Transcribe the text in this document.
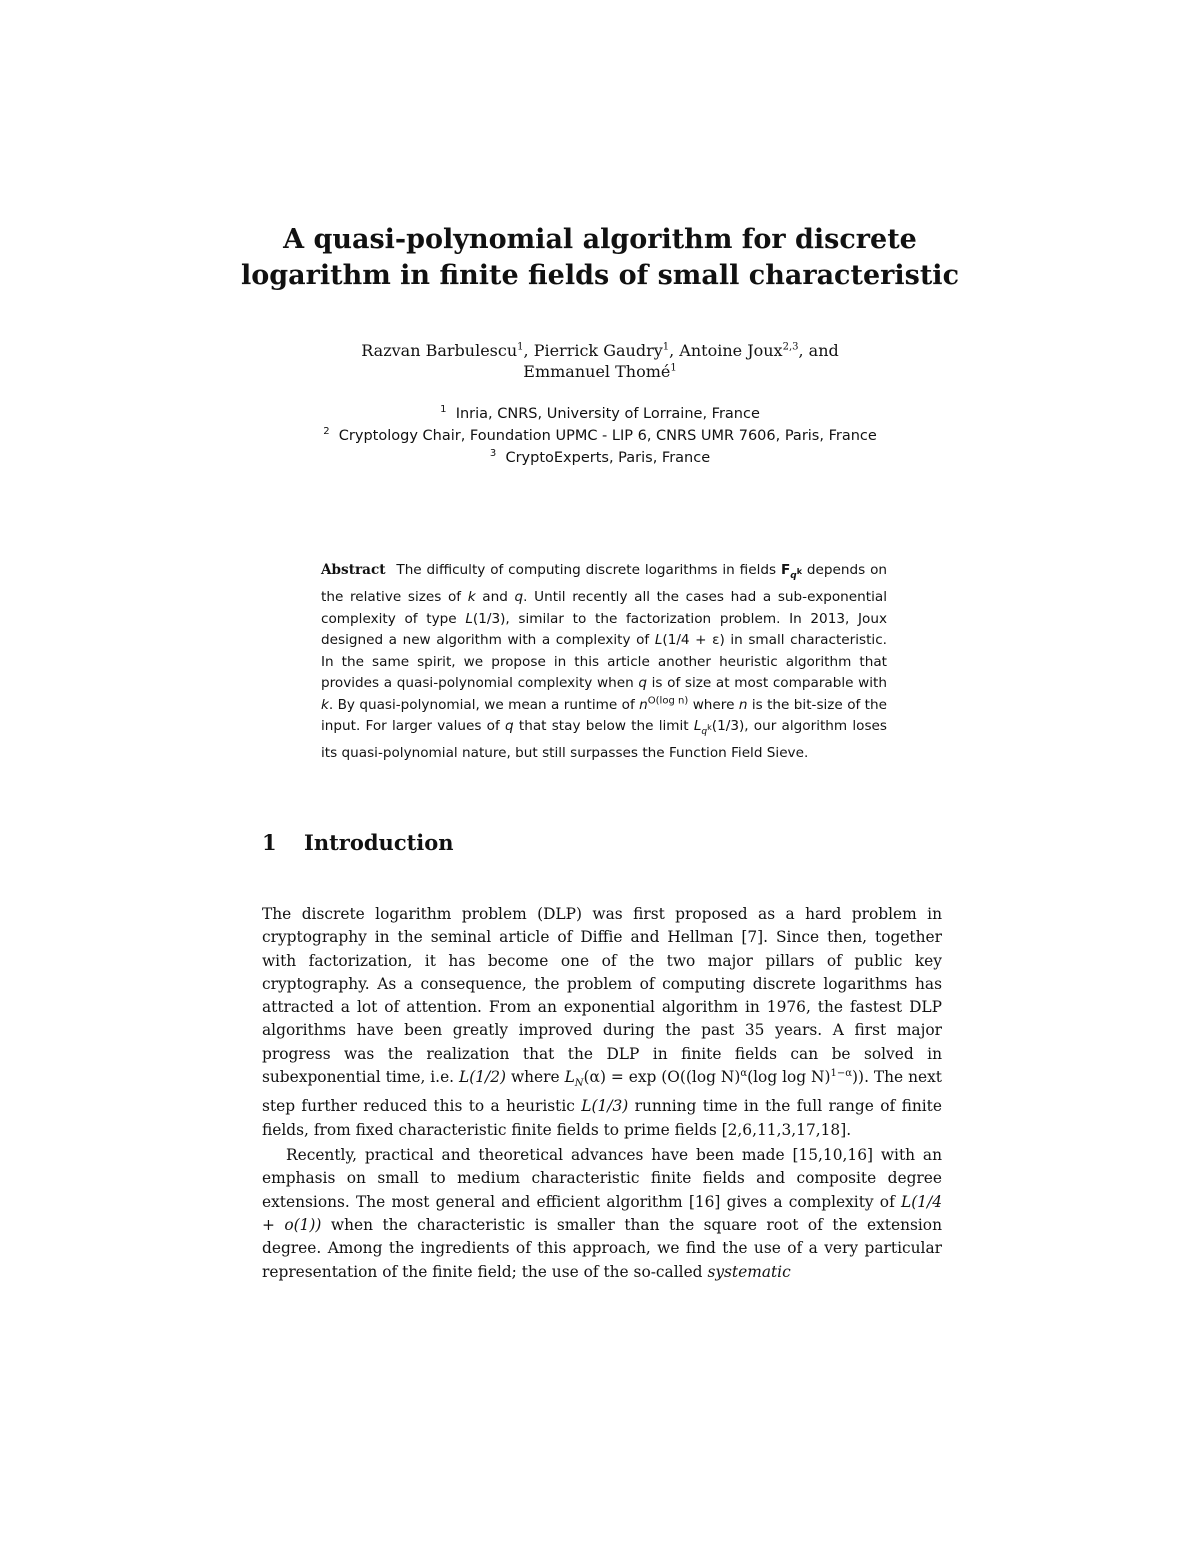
A quasi-polynomial algorithm for discrete
logarithm in finite fields of small characteristic
Razvan Barbulescu$^1$, Pierrick Gaudry$^1$, Antoine Joux$^{2,3}$, and
Emmanuel Thomé$^1$
$^1$ Inria, CNRS, University of Lorraine, France
$^2$ Cryptology Chair, Foundation UPMC - LIP 6, CNRS UMR 7606, Paris, France
$^3$ CryptoExperts, Paris, France
Abstract The difficulty of computing discrete logarithms in fields $F_{q^k}$ depends on the relative sizes of k and q. Until recently all the cases had a sub-exponential complexity of type L(1/3), similar to the factorization problem. In 2013, Joux designed a new algorithm with a complexity of L(1/4 + ε) in small characteristic. In the same spirit, we propose in this article another heuristic algorithm that provides a quasi-polynomial complexity when q is of size at most comparable with k. By quasi-polynomial, we mean a runtime of $n^{O(log n)}$ where n is the bit-size of the input. For larger values of q that stay below the limit $L_{q^k}(1/3)$, our algorithm loses its quasi-polynomial nature, but still surpasses the Function Field Sieve.
1 Introduction

The discrete logarithm problem (DLP) was first proposed as a hard problem in cryptography in the seminal article of Diffie and Hellman [7]. Since then, together with factorization, it has become one of the two major pillars of public key cryptography. As a consequence, the problem of computing discrete logarithms has attracted a lot of attention. From an exponential algorithm in 1976, the fastest DLP algorithms have been greatly improved during the past 35 years. A first major progress was the realization that the DLP in finite fields can be solved in subexponential time, i.e. L(1/2) where $L_N(\alpha) = \exp (O((\log$ N)$^\alpha$(log log N)$^{1-\alpha}$)). The next step further reduced this to a heuristic L(1/3) running time in the full range of finite fields, from fixed characteristic finite fields to prime fields [2,6,11,3,17,18].

Recently, practical and theoretical advances have been made [15,10,16] with an emphasis on small to medium characteristic finite fields and composite degree extensions. The most general and efficient algorithm [16] gives a complexity of L(1/4 + o(1)) when the characteristic is smaller than the square root of the extension degree. Among the ingredients of this approach, we find the use of a very particular representation of the finite field; the use of the so-called systematic
